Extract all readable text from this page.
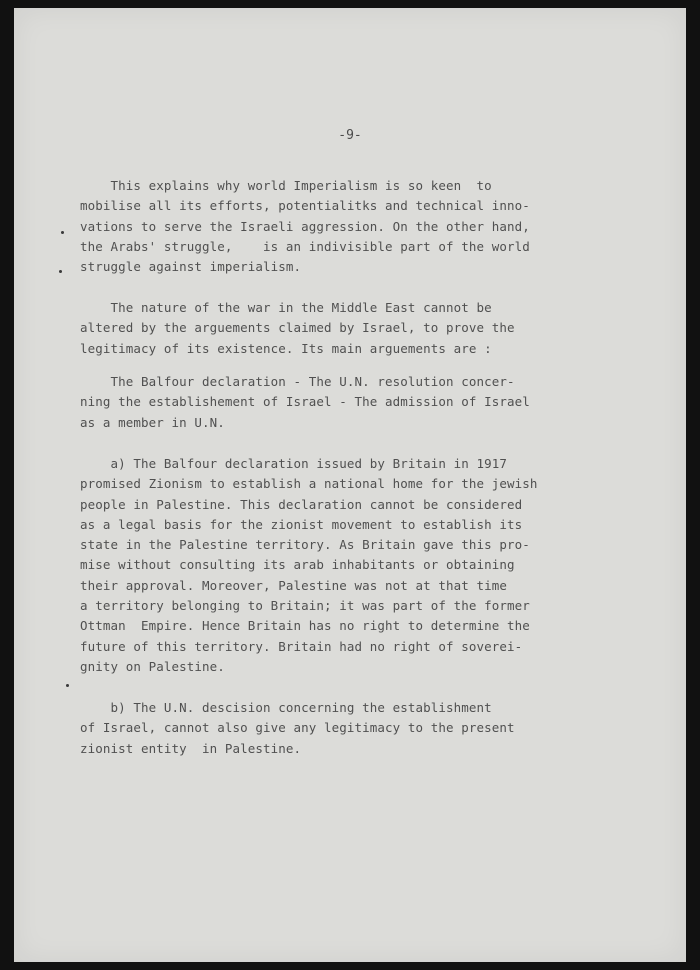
-9-
This explains why world Imperialism is so keen  to
mobilise all its efforts, potentialitks and technical inno-
vations to serve the Israeli aggression. On the other hand,
the Arabs' struggle,    is an indivisible part of the world
struggle against imperialism.
The nature of the war in the Middle East cannot be
altered by the arguements claimed by Israel, to prove the
legitimacy of its existence. Its main arguements are :
The Balfour declaration - The U.N. resolution concer-
ning the establishement of Israel - The admission of Israel
as a member in U.N.
a) The Balfour declaration issued by Britain in 1917
promised Zionism to establish a national home for the jewish
people in Palestine. This declaration cannot be considered
as a legal basis for the zionist movement to establish its
state in the Palestine territory. As Britain gave this pro-
mise without consulting its arab inhabitants or obtaining
their approval. Moreover, Palestine was not at that time
a territory belonging to Britain; it was part of the former
Ottman  Empire. Hence Britain has no right to determine the
future of this territory. Britain had no right of soverei-
gnity on Palestine.
b) The U.N. descision concerning the establishment
of Israel, cannot also give any legitimacy to the present
zionist entity  in Palestine.
